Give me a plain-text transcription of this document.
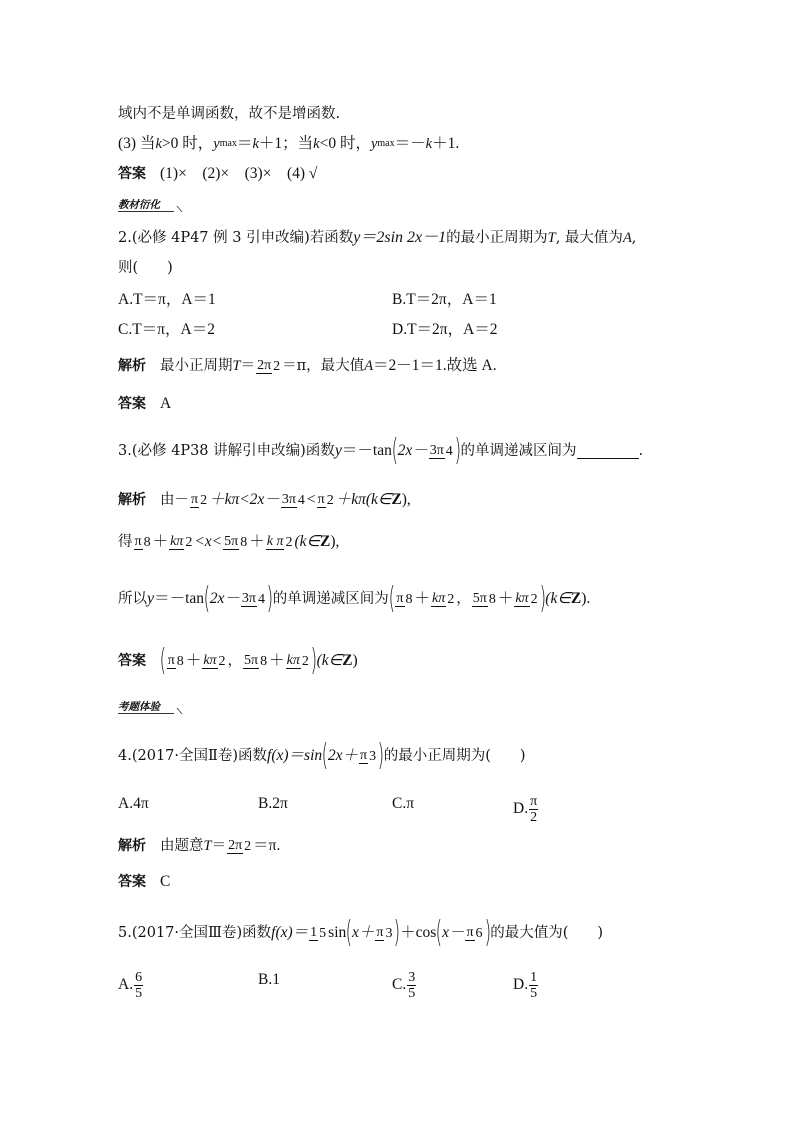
域内不是单调函数，故不是增函数.
(3) 当k>0 时，ymax＝k＋1；当k<0 时，ymax＝－k＋1.
答案 (1)×　(2)×　(3)×　(4) √
教材衍化
2.(必修 4P47 例 3 引申改编)若函数y＝2sin 2x－1的最小正周期为T, 最大值为A,
则(　　)
A.T＝π，A＝1	B.T＝2π，A＝1
C.T＝π，A＝2	D.T＝2π，A＝2
解析 最小正周期T＝ 2π 2 ＝π，最大值A＝2－1＝1.故选 A.
答案 A
3.(必修 4P38 讲解引申改编)函数y＝－tan(2x－ 3π 4)的单调递减区间为	.
解析 由－ π 2 ＋kπ<2x－ 3π 4 < π 2 ＋kπ(k∈Z),
得 π 8 ＋ kπ 2 <x< 5π 8 ＋ k π 2 (k∈Z),
所以y＝－tan(2x－ 3π 4)的单调递减区间为( π 8 ＋ kπ 2 ， 5π 8 ＋ kπ 2)(k∈Z).
答案 ( π 8 ＋ kπ 2 ， 5π 8 ＋ kπ 2)(k∈Z)
考题体验
4.(2017·全国Ⅱ卷)函数f(x)＝sin(2x＋ π 3)的最小正周期为(　　)
A.4π	B.2π	C.π	D. $\frac{\pi}{2}$
解析 由题意T＝ 2π 2 ＝π.
答案 C
5.(2017·全国Ⅲ卷)函数f(x)＝ 1 5 sin(x＋ π 3)＋cos(x－ π 6)的最大值为(　　)
A. $\frac{6}{5}$	B.1	C. $\frac{3}{5}$	D. $\frac{1}{5}$
